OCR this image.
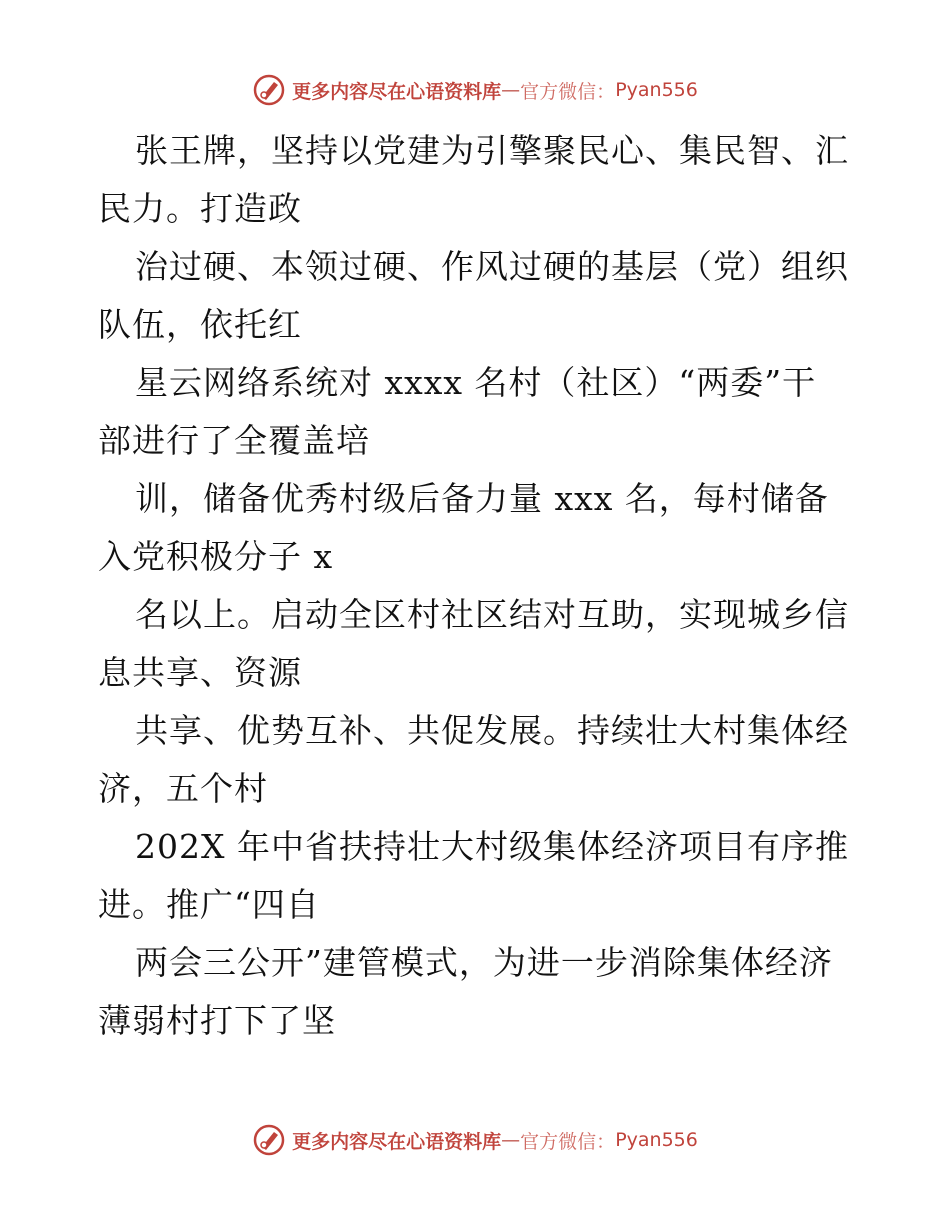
更多内容尽在心语资料库 — 官方微信： Pyan556
张王牌，坚持以党建为引擎聚民心、集民智、汇
民力。打造政
治过硬、本领过硬、作风过硬的基层（党）组织
队伍，依托红
星云网络系统对 xxxx 名村（社区）“两委”干
部进行了全覆盖培
训，储备优秀村级后备力量 xxx 名，每村储备
入党积极分子 x
名以上。启动全区村社区结对互助，实现城乡信
息共享、资源
共享、优势互补、共促发展。持续壮大村集体经
济，五个村
202X 年中省扶持壮大村级集体经济项目有序推
进。推广“四自
两会三公开”建管模式，为进一步消除集体经济
薄弱村打下了坚
更多内容尽在心语资料库 — 官方微信： Pyan556
